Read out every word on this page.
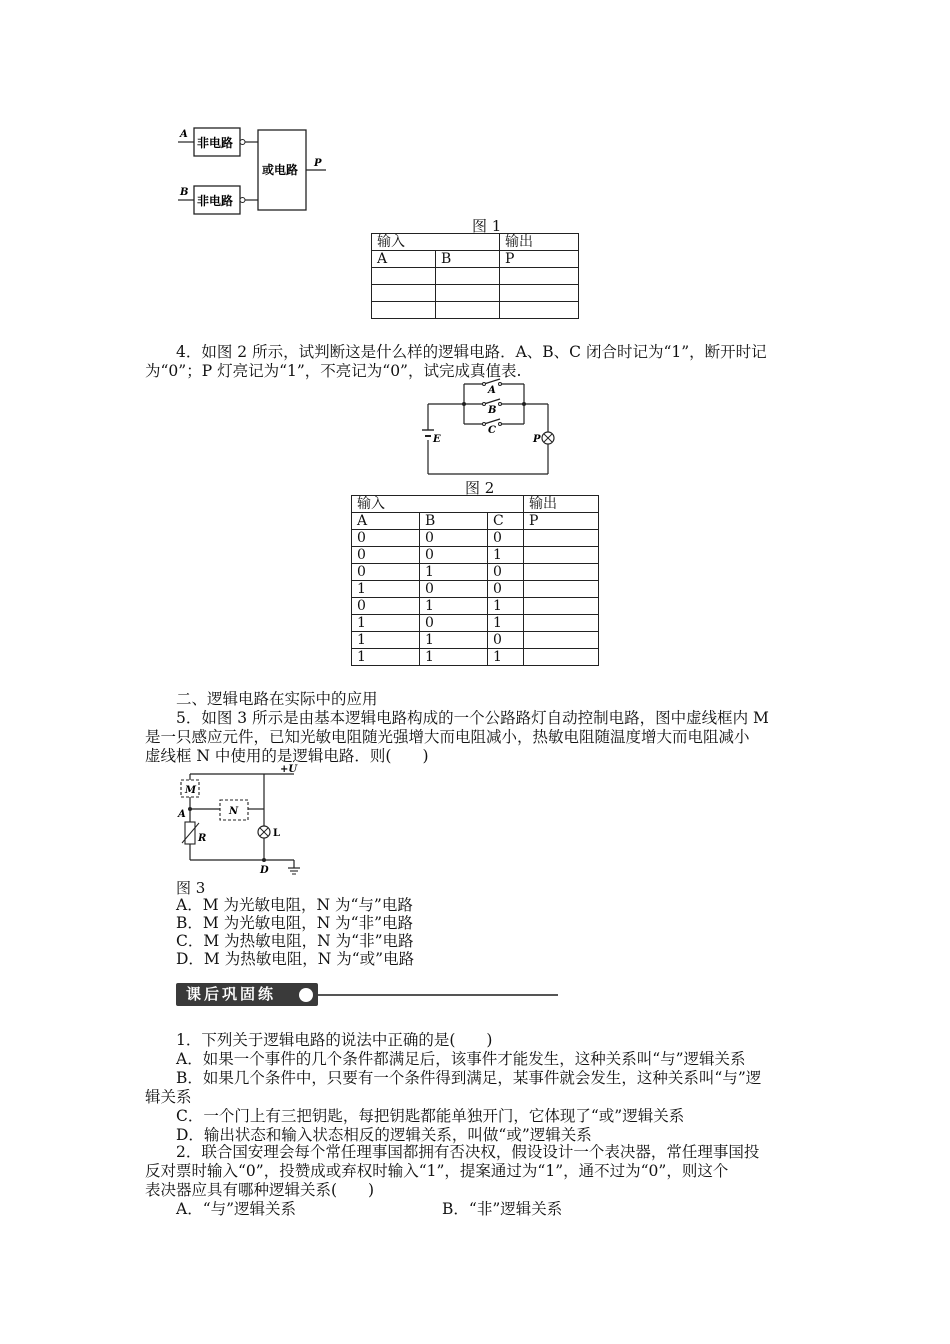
A
B
非电路
非电路
或电路 P
图 1
输入		输出
A	B	P

4．如图 2 所示，试判断这是什么样的逻辑电路．A、B、C 闭合时记为“1”，断开时记
为“0”；P 灯亮记为“1”，不亮记为“0”，试完成真值表.
A
B
C
E	P
图 2
输入			输出
A	B	C	P
0	0	0	
0	0	1	
0	1	0	
1	0	0	
0	1	1	
1	0	1	
1	1	0	
1	1	1	
二、逻辑电路在实际中的应用
5．如图 3 所示是由基本逻辑电路构成的一个公路路灯自动控制电路，图中虚线框内 M
是一只感应元件，已知光敏电阻随光强增大而电阻减小，热敏电阻随温度增大而电阻减小
虚线框 N 中使用的是逻辑电路．则(　　)
+U
M
N
A
R	L
D
图 3
A．M 为光敏电阻，N 为“与”电路
B．M 为光敏电阻，N 为“非”电路
C．M 为热敏电阻，N 为“非”电路
D．M 为热敏电阻，N 为“或”电路
课后巩固练
1．下列关于逻辑电路的说法中正确的是(　　)
A．如果一个事件的几个条件都满足后，该事件才能发生，这种关系叫“与”逻辑关系
B．如果几个条件中，只要有一个条件得到满足，某事件就会发生，这种关系叫“与”逻
辑关系
C．一个门上有三把钥匙，每把钥匙都能单独开门，它体现了“或”逻辑关系
D．输出状态和输入状态相反的逻辑关系，叫做“或”逻辑关系
2．联合国安理会每个常任理事国都拥有否决权，假设设计一个表决器，常任理事国投
反对票时输入“0”，投赞成或弃权时输入“1”，提案通过为“1”，通不过为“0”，则这个
表决器应具有哪种逻辑关系(　　)
A．“与”逻辑关系	B．“非”逻辑关系
